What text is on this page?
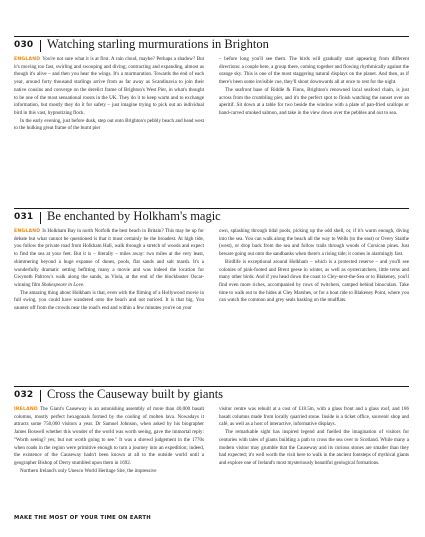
030 Watching starling murmurations in Brighton

ENGLAND You're not sure what it is at first. A rain cloud, maybe? Perhaps a shadow? But it's moving too fast, swirling and swooping and diving; contracting and expanding, almost as though it's alive – and then you hear the wings. It's a murmuration. Towards the end of each year, around forty thousand starlings arrive from as far away as Scandinavia to join their native cousins and converge on the derelict frame of Brighton's West Pier, in what's thought to be one of the most sensational roosts in the UK. They do it to keep warm and to exchange information, but mostly they do it for safety – just imagine trying to pick out an individual bird in this vast, hypnotizing flock.

In the early evening, just before dusk, step out onto Brighton's pebbly beach and head west to the hulking great frame of the burnt pier

– before long you'll see them. The birds will gradually start appearing from different directions: a couple here, a group there, coming together and flowing rhythmically against the orange sky. This is one of the most staggering natural displays on the planet. And then, as if there's been some invisible cue, they'll shoot downwards all at once to rest for the night.

The seafront base of Riddle & Finns, Brighton's renowned local seafood chain, is just across from the crumbling pier, and it's the perfect spot to finish watching the sunset over an aperitif. Sit down at a table for two beside the window with a plate of pan-fried scallops or hand-carved smoked salmon, and take in the view down over the pebbles and out to sea.

031 Be enchanted by Holkham's magic

ENGLAND Is Holkham Bay in north Norfolk the best beach in Britain? This may be up for debate but what cannot be questioned is that it must certainly be the broadest. At high tide, you follow the private road from Holkham Hall, walk through a stretch of woods and expect to find the sea at your feet. But it is – literally – miles away: two miles at the very least, shimmering beyond a huge expanse of dunes, pools, flat sands and salt marsh. It's a wonderfully dramatic setting befitting many a movie and was indeed the location for Gwyneth Paltrow's walk along the sands, as Viola, at the end of the blockbuster Oscar-winning film Shakespeare in Love.

The amazing thing about Holkham is that, even with the filming of a Hollywood movie in full swing, you could have wandered onto the beach and not noticed. It is that big. You saunter off from the crowds near the road's end and within a few minutes you're on your

own, splashing through tidal pools, picking up the odd shell, or, if it's warm enough, diving into the sea. You can walk along the beach all the way to Wells (to the east) or Overy Staithe (west), or drop back from the sea and follow trails through woods of Corsican pines. Just beware going out onto the sandbanks when there's a rising tide; it comes in alarmingly fast.

Birdlife is exceptional around Holkham – which is a protected reserve – and you'll see colonies of pink-footed and Brent geese in winter, as well as oystercatchers, little terns and many other birds. And if you head down the coast to Cley-next-the-Sea or to Blakeney, you'll find even more riches, accompanied by rows of twitchers, camped behind binoculars. Take time to walk out to the hides at Cley Marshes, or for a boat ride to Blakeney Point, where you can watch the common and grey seals basking on the mudflats.

032 Cross the Causeway built by giants

IRELAND The Giant's Causeway is an astonishing assembly of more than 40,000 basalt columns, mostly perfect hexagonals formed by the cooling of molten lava. Nowadays it attracts some 750,000 visitors a year. Dr Samuel Johnson, when asked by his biographer James Boswell whether this wonder of the world was worth seeing, gave the immortal reply: "Worth seeing? yes; but not worth going to see." It was a shrewd judgement in the 1770s when roads in the region were primitive enough to turn a journey into an expedition; indeed, the existence of the Causeway hadn't been known at all to the outside world until a geographer Bishop of Derry stumbled upon them in 1692.

Northern Ireland's only Unesco World Heritage Site, the impressive

visitor centre was rebuilt at a cost of £18.5m, with a glass front and a glass roof, and 186 basalt columns made from locally quarried stone. Inside is a ticket office, souvenir shop and café, as well as a host of interactive, informative displays.

The remarkable sight has inspired legend and fuelled the imagination of visitors for centuries with tales of giants building a path to cross the sea over to Scotland. While many a modern visitor may grumble that the Causeway and its curious stones are smaller than they had expected; it's well worth the visit here to walk in the ancient footsteps of mythical giants and explore one of Ireland's most mysteriously beautiful geological formations.

MAKE THE MOST OF YOUR TIME ON EARTH
